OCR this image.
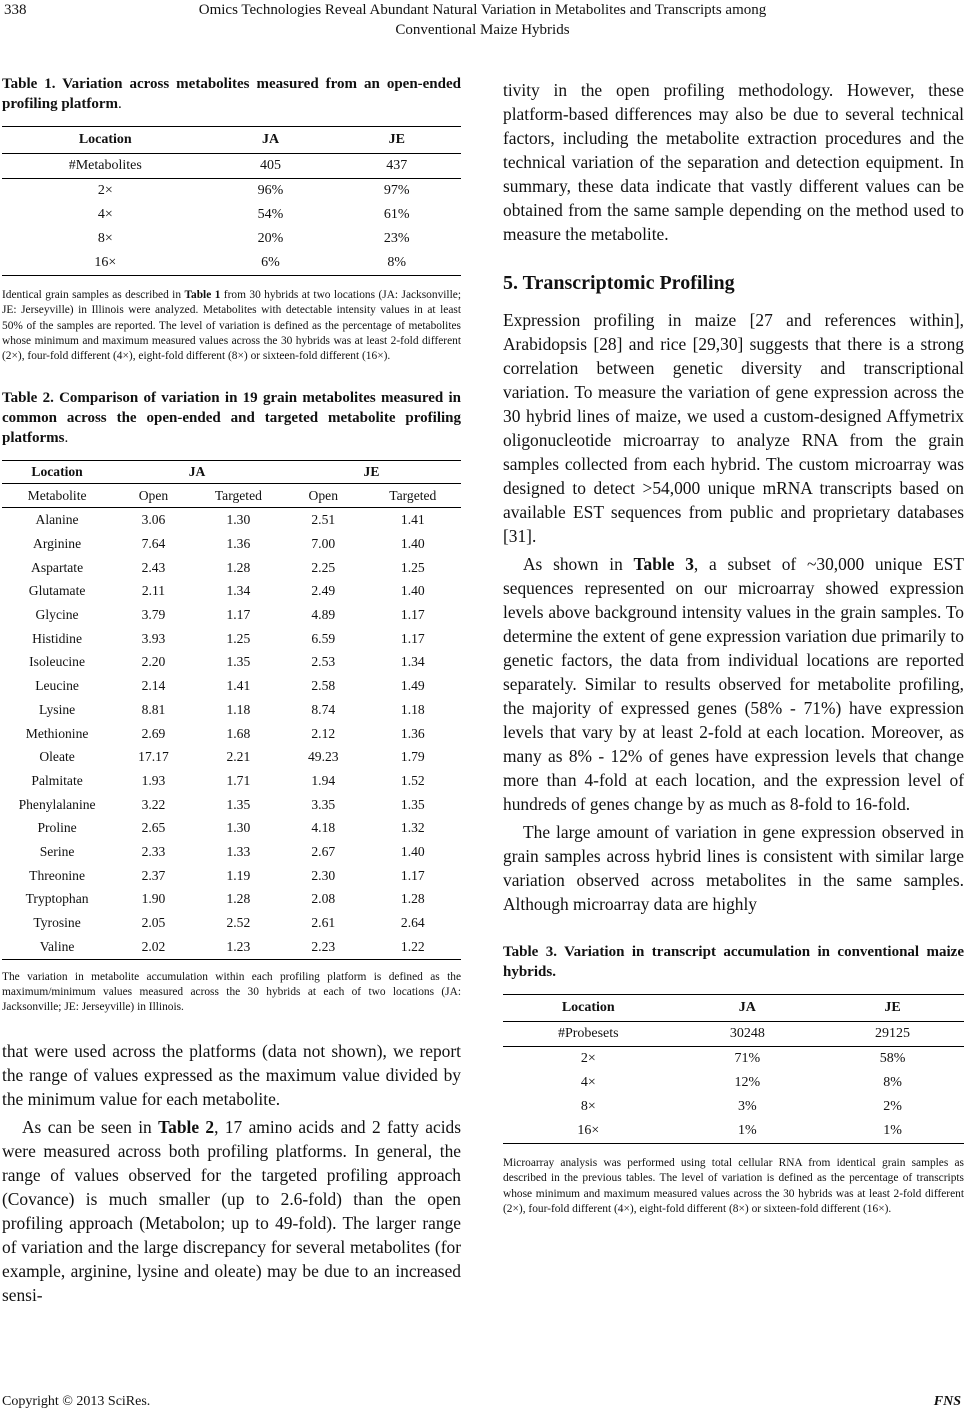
338	Omics Technologies Reveal Abundant Natural Variation in Metabolites and Transcripts among
Conventional Maize Hybrids

Table 1. Variation across metabolites measured from an open-ended profiling platform.

Location	JA	JE
#Metabolites	405	437
2×	96%	97%
4×	54%	61%
8×	20%	23%
16×	6%	8%

Identical grain samples as described in Table 1 from 30 hybrids at two locations (JA: Jacksonville; JE: Jerseyville) in Illinois were analyzed. Metabolites with detectable intensity values in at least 50% of the samples are reported. The level of variation is defined as the percentage of metabolites whose minimum and maximum measured values across the 30 hybrids was at least 2-fold different (2×), four-fold different (4×), eight-fold different (8×) or sixteen-fold different (16×).

Table 2. Comparison of variation in 19 grain metabolites measured in common across the open-ended and targeted metabolite profiling platforms.

Location	JA		JE	
Metabolite	Open	Targeted	Open	Targeted
Alanine	3.06	1.30	2.51	1.41
Arginine	7.64	1.36	7.00	1.40
Aspartate	2.43	1.28	2.25	1.25
Glutamate	2.11	1.34	2.49	1.40
Glycine	3.79	1.17	4.89	1.17
Histidine	3.93	1.25	6.59	1.17
Isoleucine	2.20	1.35	2.53	1.34
Leucine	2.14	1.41	2.58	1.49
Lysine	8.81	1.18	8.74	1.18
Methionine	2.69	1.68	2.12	1.36
Oleate	17.17	2.21	49.23	1.79
Palmitate	1.93	1.71	1.94	1.52
Phenylalanine	3.22	1.35	3.35	1.35
Proline	2.65	1.30	4.18	1.32
Serine	2.33	1.33	2.67	1.40
Threonine	2.37	1.19	2.30	1.17
Tryptophan	1.90	1.28	2.08	1.28
Tyrosine	2.05	2.52	2.61	2.64
Valine	2.02	1.23	2.23	1.22

The variation in metabolite accumulation within each profiling platform is defined as the maximum/minimum values measured across the 30 hybrids at each of two locations (JA: Jacksonville; JE: Jerseyville) in Illinois.

that were used across the platforms (data not shown), we report the range of values expressed as the maximum value divided by the minimum value for each metabolite.

As can be seen in Table 2, 17 amino acids and 2 fatty acids were measured across both profiling platforms. In general, the range of values observed for the targeted profiling approach (Covance) is much smaller (up to 2.6-fold) than the open profiling approach (Metabolon; up to 49-fold). The larger range of variation and the large discrepancy for several metabolites (for example, arginine, lysine and oleate) may be due to an increased sensi-

tivity in the open profiling methodology. However, these platform-based differences may also be due to several technical factors, including the metabolite extraction procedures and the technical variation of the separation and detection equipment. In summary, these data indicate that vastly different values can be obtained from the same sample depending on the method used to measure the metabolite.

5. Transcriptomic Profiling

Expression profiling in maize [27 and references within], Arabidopsis [28] and rice [29,30] suggests that there is a strong correlation between genetic diversity and transcriptional variation. To measure the variation of gene expression across the 30 hybrid lines of maize, we used a custom-designed Affymetrix oligonucleotide microarray to analyze RNA from the grain samples collected from each hybrid. The custom microarray was designed to detect >54,000 unique mRNA transcripts based on available EST sequences from public and proprietary databases [31].

As shown in Table 3, a subset of ~30,000 unique EST sequences represented on our microarray showed expression levels above background intensity values in the grain samples. To determine the extent of gene expression variation due primarily to genetic factors, the data from individual locations are reported separately. Similar to results observed for metabolite profiling, the majority of expressed genes (58% - 71%) have expression levels that vary by at least 2-fold at each location. Moreover, as many as 8% - 12% of genes have expression levels that change more than 4-fold at each location, and the expression level of hundreds of genes change by as much as 8-fold to 16-fold.

The large amount of variation in gene expression observed in grain samples across hybrid lines is consistent with similar large variation observed across metabolites in the same samples. Although microarray data are highly

Table 3. Variation in transcript accumulation in conventional maize hybrids.

Location	JA	JE
#Probesets	30248	29125
2×	71%	58%
4×	12%	8%
8×	3%	2%
16×	1%	1%

Microarray analysis was performed using total cellular RNA from identical grain samples as described in the previous tables. The level of variation is defined as the percentage of transcripts whose minimum and maximum measured values across the 30 hybrids was at least 2-fold different (2×), four-fold different (4×), eight-fold different (8×) or sixteen-fold different (16×).

Copyright © 2013 SciRes.	FNS
